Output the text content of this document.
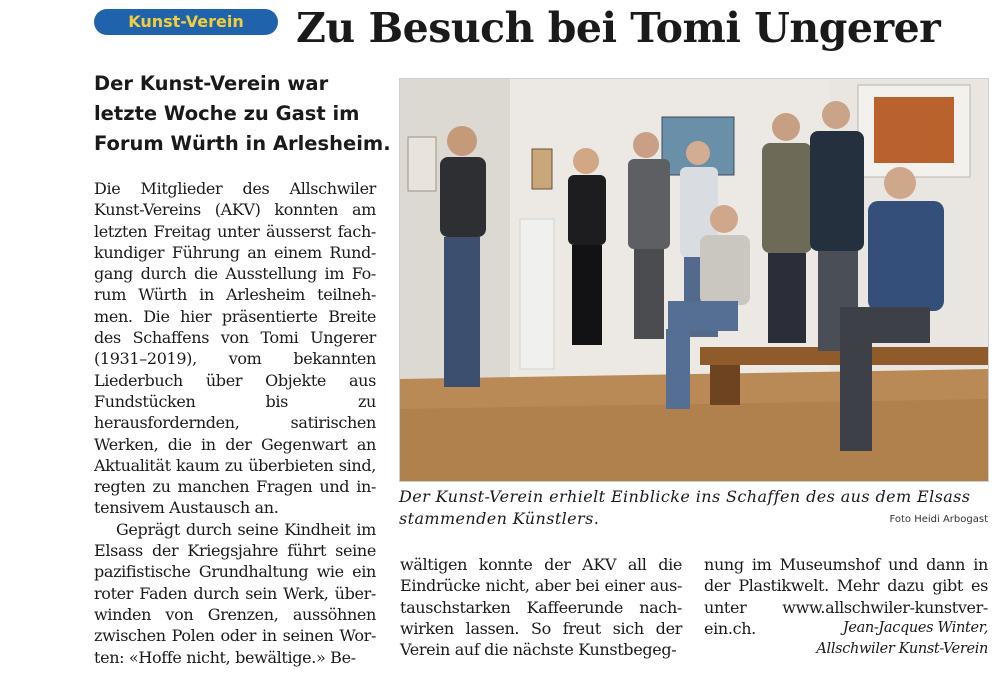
Kunst-Verein	Zu Besuch bei Tomi Ungerer
Der Kunst-Verein war letzte Woche zu Gast im Forum Würth in Arlesheim.

Die Mitglieder des Allschwiler Kunst-Vereins (AKV) konnten am letzten Freitag unter äusserst fach-kundiger Führung an einem Rund-gang durch die Ausstellung im Fo-rum Würth in Arlesheim teilneh-men. Die hier präsentierte Breite des Schaffens von Tomi Ungerer (1931–2019), vom bekannten Liederbuch über Objekte aus Fundstücken bis zu herausfordernden, satirischen Werken, die in der Gegenwart an Aktualität kaum zu überbieten sind, regten zu manchen Fragen und in-tensivem Austausch an.

Geprägt durch seine Kindheit im Elsass der Kriegsjahre führt seine pazifistische Grundhaltung wie ein roter Faden durch sein Werk, über-winden von Grenzen, aussöhnen zwischen Polen oder in seinen Wor-ten: «Hoffe nicht, bewältige.» Be-

Der Kunst-Verein erhielt Einblicke ins Schaffen des aus dem Elsass stammenden Künstlers.	Foto Heidi Arbogast

wältigen konnte der AKV all die Eindrücke nicht, aber bei einer aus-tauschstarken Kaffeerunde nach-wirken lassen. So freut sich der Verein auf die nächste Kunstbegeg-

nung im Museumshof und dann in der Plastikwelt. Mehr dazu gibt es unter www.allschwiler-kunstver-ein.ch.	Jean-Jacques Winter,

Allschwiler Kunst-Verein
